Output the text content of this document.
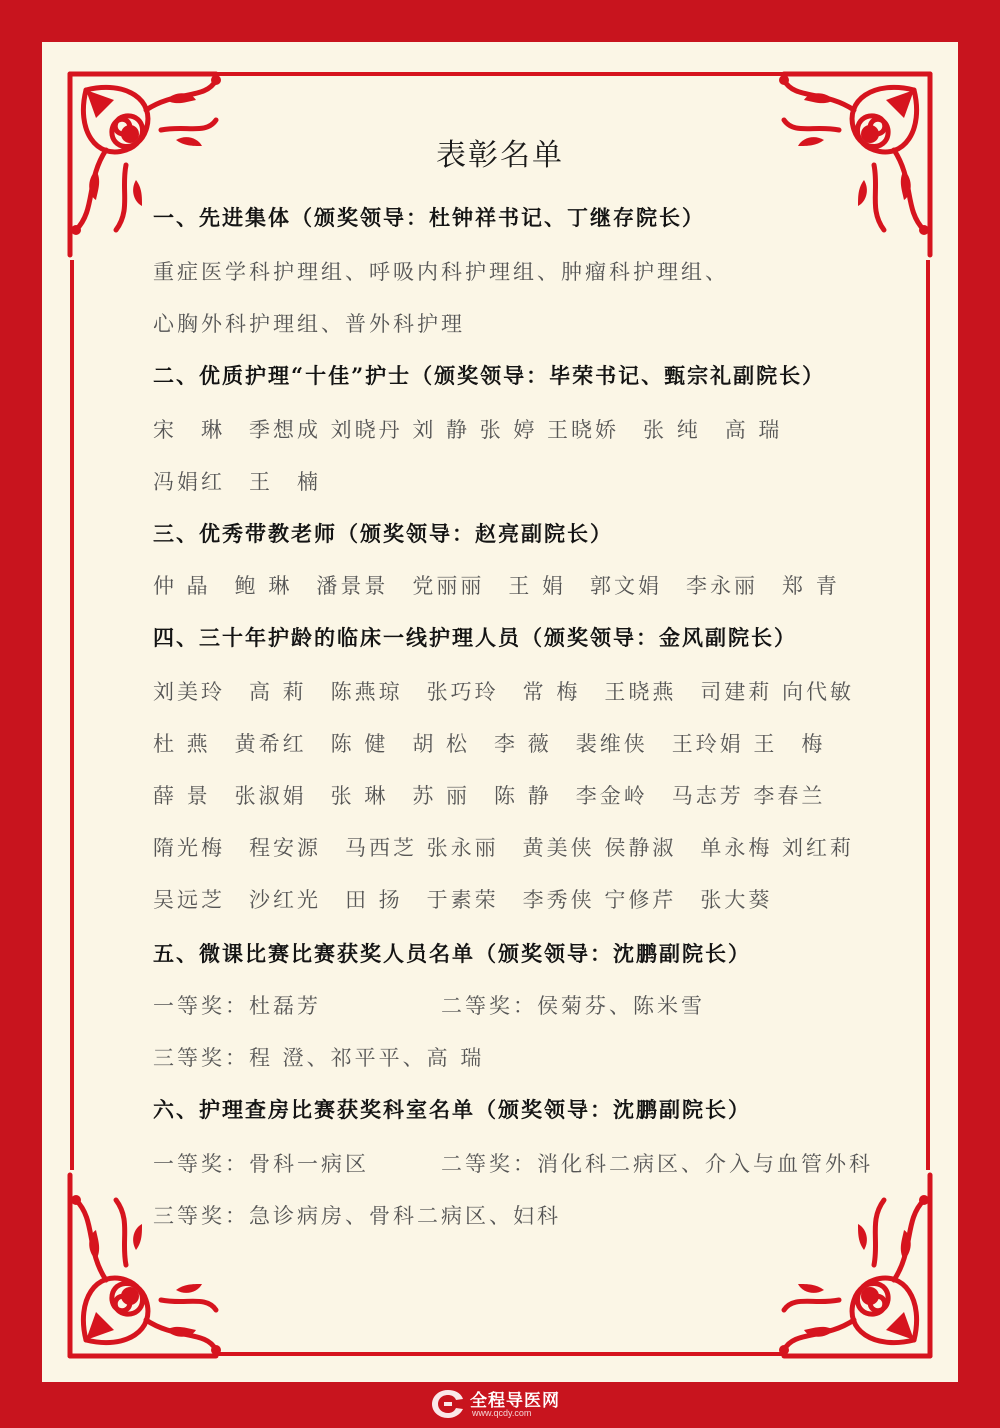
表彰名单
一、先进集体（颁奖领导：杜钟祥书记、丁继存院长）
重症医学科护理组、呼吸内科护理组、肿瘤科护理组、
心胸外科护理组、普外科护理
二、优质护理“十佳”护士（颁奖领导：毕荣书记、甄宗礼副院长）
宋　琳　季想成 刘晓丹 刘 静 张 婷 王晓娇　张 纯　高 瑞
冯娟红　王　楠
三、优秀带教老师（颁奖领导：赵亮副院长）
仲 晶　鲍 琳　潘景景　党丽丽　王 娟　郭文娟　李永丽　郑 青
四、三十年护龄的临床一线护理人员（颁奖领导：金风副院长）
刘美玲　高 莉　陈燕琼　张巧玲　常 梅　王晓燕　司建莉 向代敏
杜 燕　黄希红　陈 健　胡 松　李 薇　裴维侠　王玲娟 王　梅
薛 景　张淑娟　张 琳　苏 丽　陈 静　李金岭　马志芳 李春兰
隋光梅　程安源　马西芝 张永丽　黄美侠 侯静淑　单永梅 刘红莉
吴远芝　沙红光　田 扬　于素荣　李秀侠 宁修芹　张大葵
五、微课比赛比赛获奖人员名单（颁奖领导：沈鹏副院长）
一等奖：杜磊芳　　　　　二等奖：侯菊芬、陈米雪
三等奖：程 澄、祁平平、高 瑞
六、护理查房比赛获奖科室名单（颁奖领导：沈鹏副院长）
一等奖：骨科一病区　　　二等奖：消化科二病区、介入与血管外科
三等奖：急诊病房、骨科二病区、妇科
全程导医网
www.qcdy.com
